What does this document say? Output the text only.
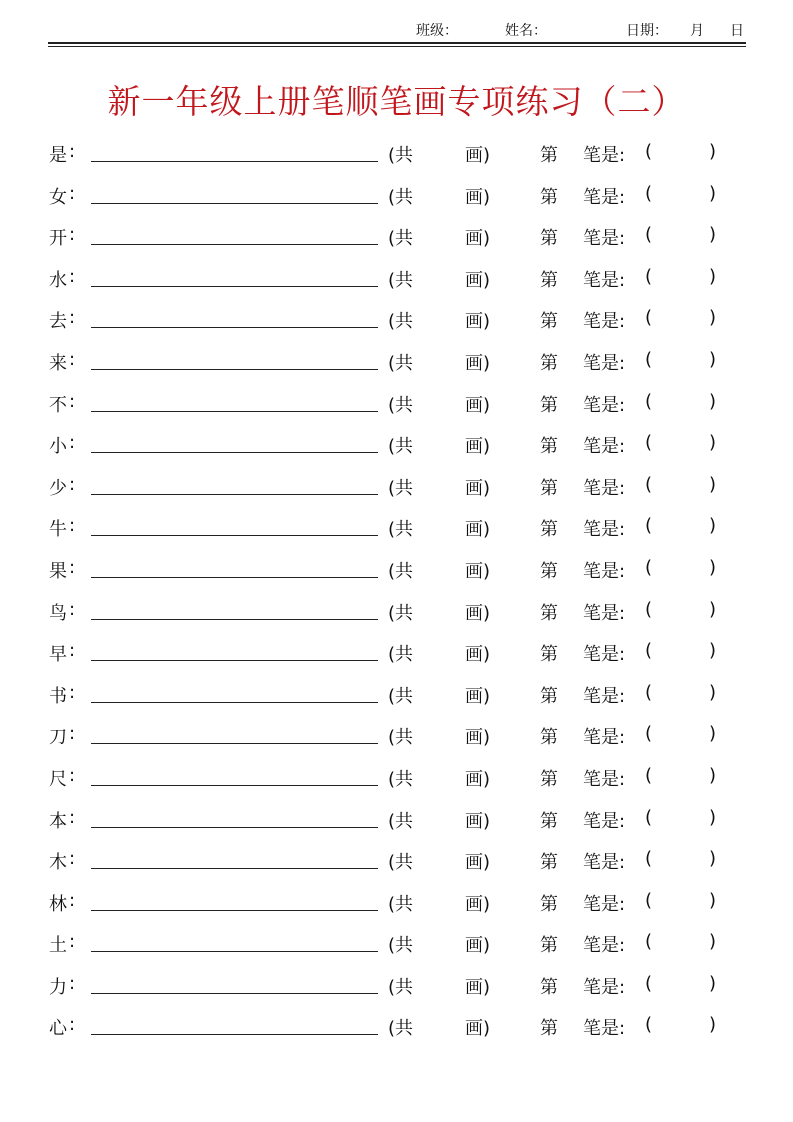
班级：	姓名：	日期： 月 日
新一年级上册笔顺笔画专项练习（二）
是 :	(共	画)	第 笔是: (	)
女 :	(共	画)	第 笔是: (	)
开 :	(共	画)	第 笔是: (	)
水 :	(共	画)	第 笔是: (	)
去 :	(共	画)	第 笔是: (	)
来 :	(共	画)	第 笔是: (	)
不 :	(共	画)	第 笔是: (	)
小 :	(共	画)	第 笔是: (	)
少 :	(共	画)	第 笔是: (	)
牛 :	(共	画)	第 笔是: (	)
果 :	(共	画)	第 笔是: (	)
鸟 :	(共	画)	第 笔是: (	)
早 :	(共	画)	第 笔是: (	)
书 :	(共	画)	第 笔是: (	)
刀 :	(共	画)	第 笔是: (	)
尺 :	(共	画)	第 笔是: (	)
本 :	(共	画)	第 笔是: (	)
木 :	(共	画)	第 笔是: (	)
林 :	(共	画)	第 笔是: (	)
土 :	(共	画)	第 笔是: (	)
力 :	(共	画)	第 笔是: (	)
心 :	(共	画)	第 笔是: (	)
